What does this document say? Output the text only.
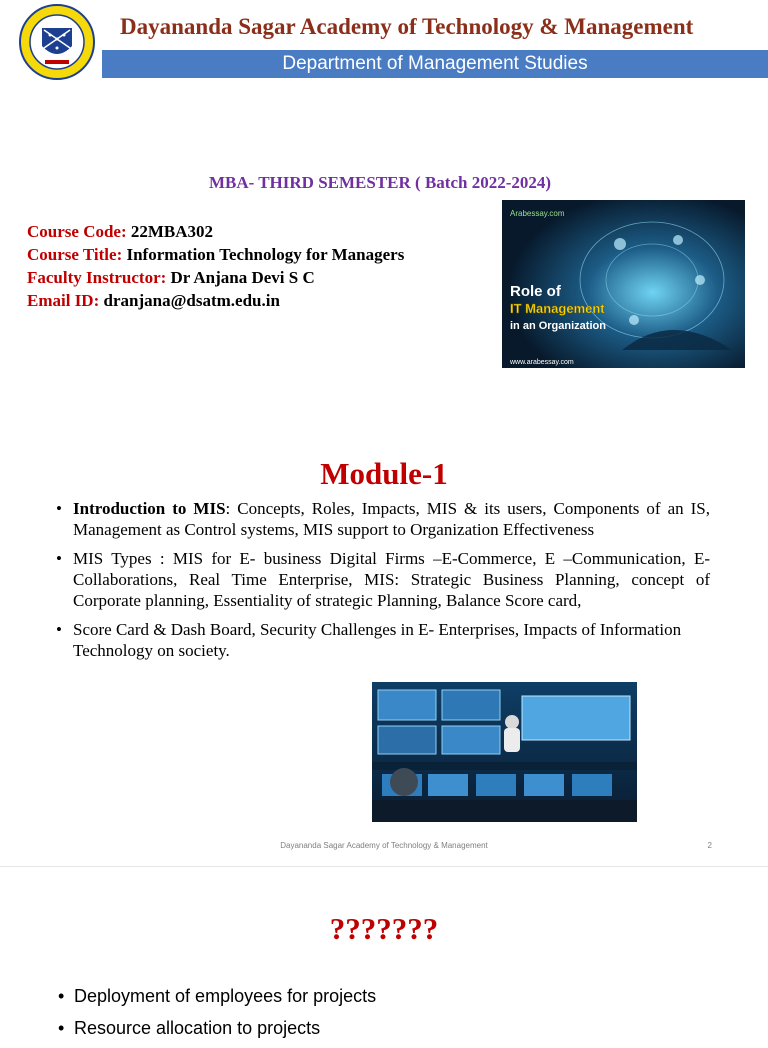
Dayananda Sagar Academy of Technology & Management
Department of Management Studies
MBA- THIRD SEMESTER ( Batch 2022-2024)
Course Code: 22MBA302
Course Title: Information Technology for Managers
Faculty Instructor: Dr Anjana Devi S C
Email ID: dranjana@dsatm.edu.in
Arabessay.com
Role of
IT Management
in an Organization
www.arabessay.com
Module-1
• Introduction to MIS: Concepts, Roles, Impacts, MIS & its users, Components of an IS, Management as Control systems, MIS support to Organization Effectiveness
• MIS Types : MIS for E- business Digital Firms –E-Commerce, E –Communication, E-Collaborations, Real Time Enterprise, MIS: Strategic Business Planning, concept of Corporate planning, Essentiality of strategic Planning, Balance Score card,
• Score Card & Dash Board, Security Challenges in E- Enterprises, Impacts of Information Technology on society.
Dayananda Sagar Academy of Technology & Management	2
???????
• Deployment of employees for projects
• Resource allocation to projects
